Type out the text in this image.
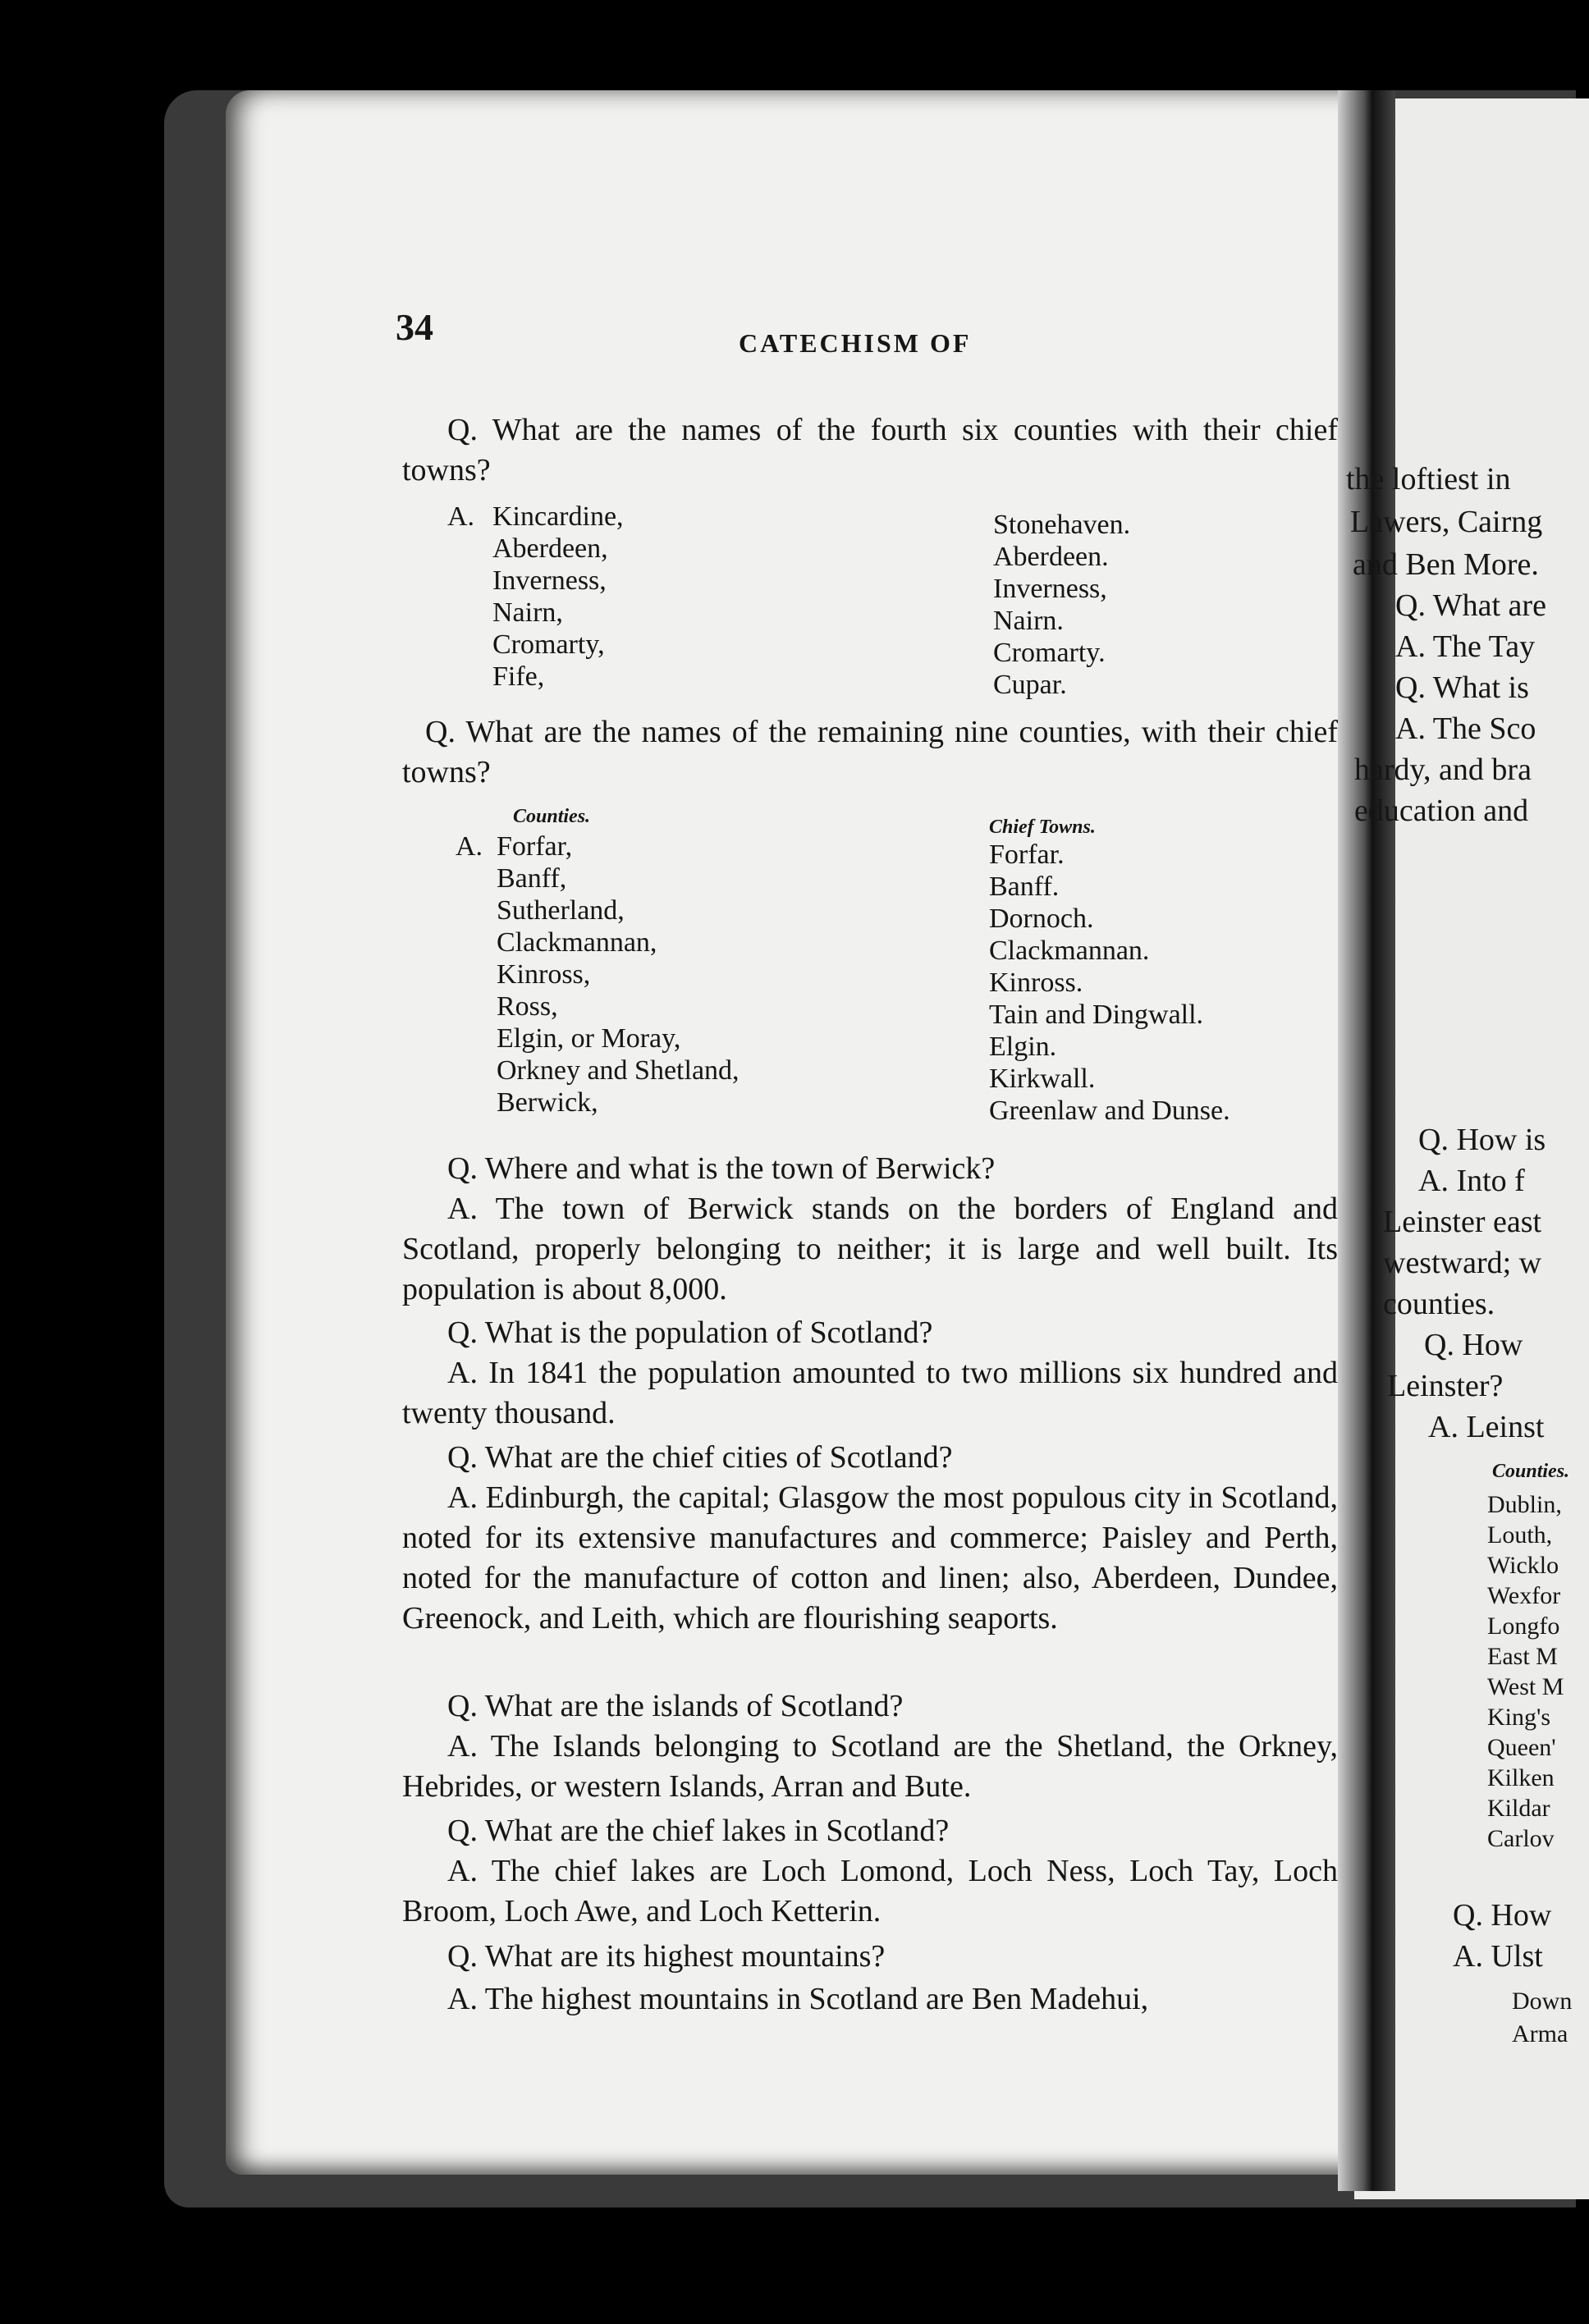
34	CATECHISM OF
Q. What are the names of the fourth six counties with their chief towns?
A. Kincardine,
Aberdeen,
Inverness,
Nairn,
Cromarty,
Fife,
Stonehaven.
Aberdeen.
Inverness,
Nairn.
Cromarty.
Cupar.
Q. What are the names of the remaining nine counties, with their chief towns?
Counties.	Chief Towns.
A. Forfar,
Banff,
Sutherland,
Clackmannan,
Kinross,
Ross,
Elgin, or Moray,
Orkney and Shetland,
Berwick,
Forfar.
Banff.
Dornoch.
Clackmannan.
Kinross.
Tain and Dingwall.
Elgin.
Kirkwall.
Greenlaw and Dunse.
Q. Where and what is the town of Berwick?
A. The town of Berwick stands on the borders of England and Scotland, properly belonging to neither; it is large and well built. Its population is about 8,000.
Q. What is the population of Scotland?
A. In 1841 the population amounted to two millions six hundred and twenty thousand.
Q. What are the chief cities of Scotland?
A. Edinburgh, the capital; Glasgow the most populous city in Scotland, noted for its extensive manufactures and commerce; Paisley and Perth, noted for the manufacture of cotton and linen; also, Aberdeen, Dundee, Greenock, and Leith, which are flourishing seaports.
Q. What are the islands of Scotland?
A. The Islands belonging to Scotland are the Shetland, the Orkney, Hebrides, or western Islands, Arran and Bute.
Q. What are the chief lakes in Scotland?
A. The chief lakes are Loch Lomond, Loch Ness, Loch Tay, Loch Broom, Loch Awe, and Loch Ketterin.
Q. What are its highest mountains?
A. The highest mountains in Scotland are Ben Madehui,
the loftiest in
Lawers, Cairng
and Ben More.
Q. What are
A. The Tay
Q. What is
A. The Sco
hardy, and bra
education and
Q. How is
A. Into f
Leinster east
westward; w
counties.
Q. How
Leinster?
A. Leinst
Counties.
Dublin,
Louth,
Wicklo
Wexfor
Longfo
East M
West M
King's
Queen'
Kilken
Kildar
Carlov
Q. How
A. Ulst
Down
Arma
